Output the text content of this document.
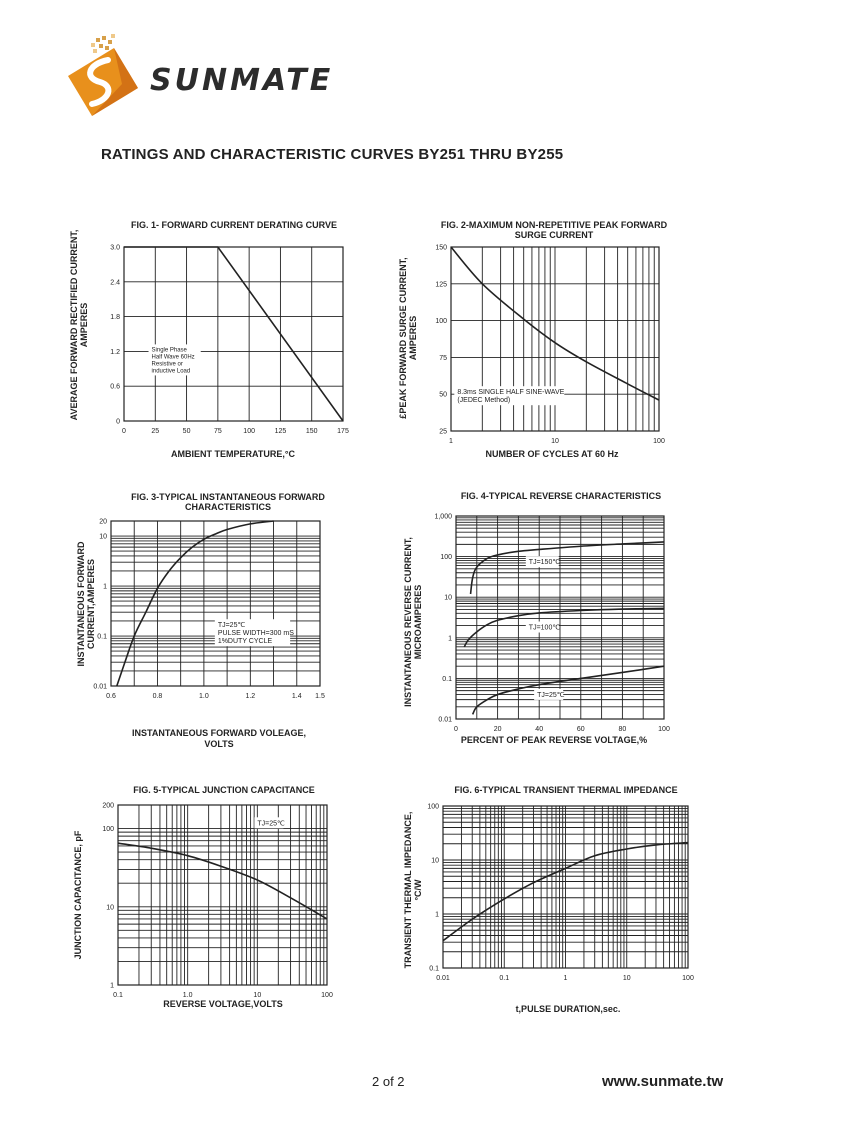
SUNMATE
RATINGS AND CHARACTERISTIC CURVES BY251 THRU BY255
FIG. 1- FORWARD CURRENT DERATING CURVE
AVERAGE FORWARD RECTIFIED CURRENT, AMPERES
0	25	50	75	100	125	150	175
0
0.6
1.2
1.8
2.4
3.0
Single Phase
Half Wave 60Hz
Resistive or
inductive Load
AMBIENT TEMPERATURE,°C
FIG. 2-MAXIMUM NON-REPETITIVE PEAK FORWARD
SURGE CURRENT
£PEAK FORWARD SURGE CURRENT, AMPERES
1	10	100
25
50
75
100
125
150
8.3ms SINGLE HALF SINE-WAVE
(JEDEC Method)
NUMBER OF CYCLES AT 60 Hz
FIG. 3-TYPICAL INSTANTANEOUS FORWARD
CHARACTERISTICS
INSTANTANEOUS FORWARD CURRENT,AMPERES
0.6	0.8	1.0	1.2	1.4 1.5
0.01
0.1
1
10
20
TJ=25℃
PULSE WIDTH=300 mS
1%DUTY CYCLE
INSTANTANEOUS FORWARD VOLEAGE,
VOLTS
FIG. 4-TYPICAL REVERSE CHARACTERISTICS
INSTANTANEOUS REVERSE CURRENT, MICROAMPERES
0	20	40	60	80	100
0.01
0.1
1
10
100
1,000
TJ=150℃
TJ=100℃
TJ=25℃
PERCENT OF PEAK REVERSE VOLTAGE,%
FIG. 5-TYPICAL JUNCTION CAPACITANCE
JUNCTION CAPACITANCE, pF
0.1	1.0	10	100
1
10
100
200
TJ=25℃
REVERSE VOLTAGE,VOLTS
FIG. 6-TYPICAL TRANSIENT THERMAL IMPEDANCE
TRANSIENT THERMAL IMPEDANCE, °C/W
0.01	0.1	1	10	100
0.1
1
10
100
t,PULSE DURATION,sec.
2 of 2	www.sunmate.tw
